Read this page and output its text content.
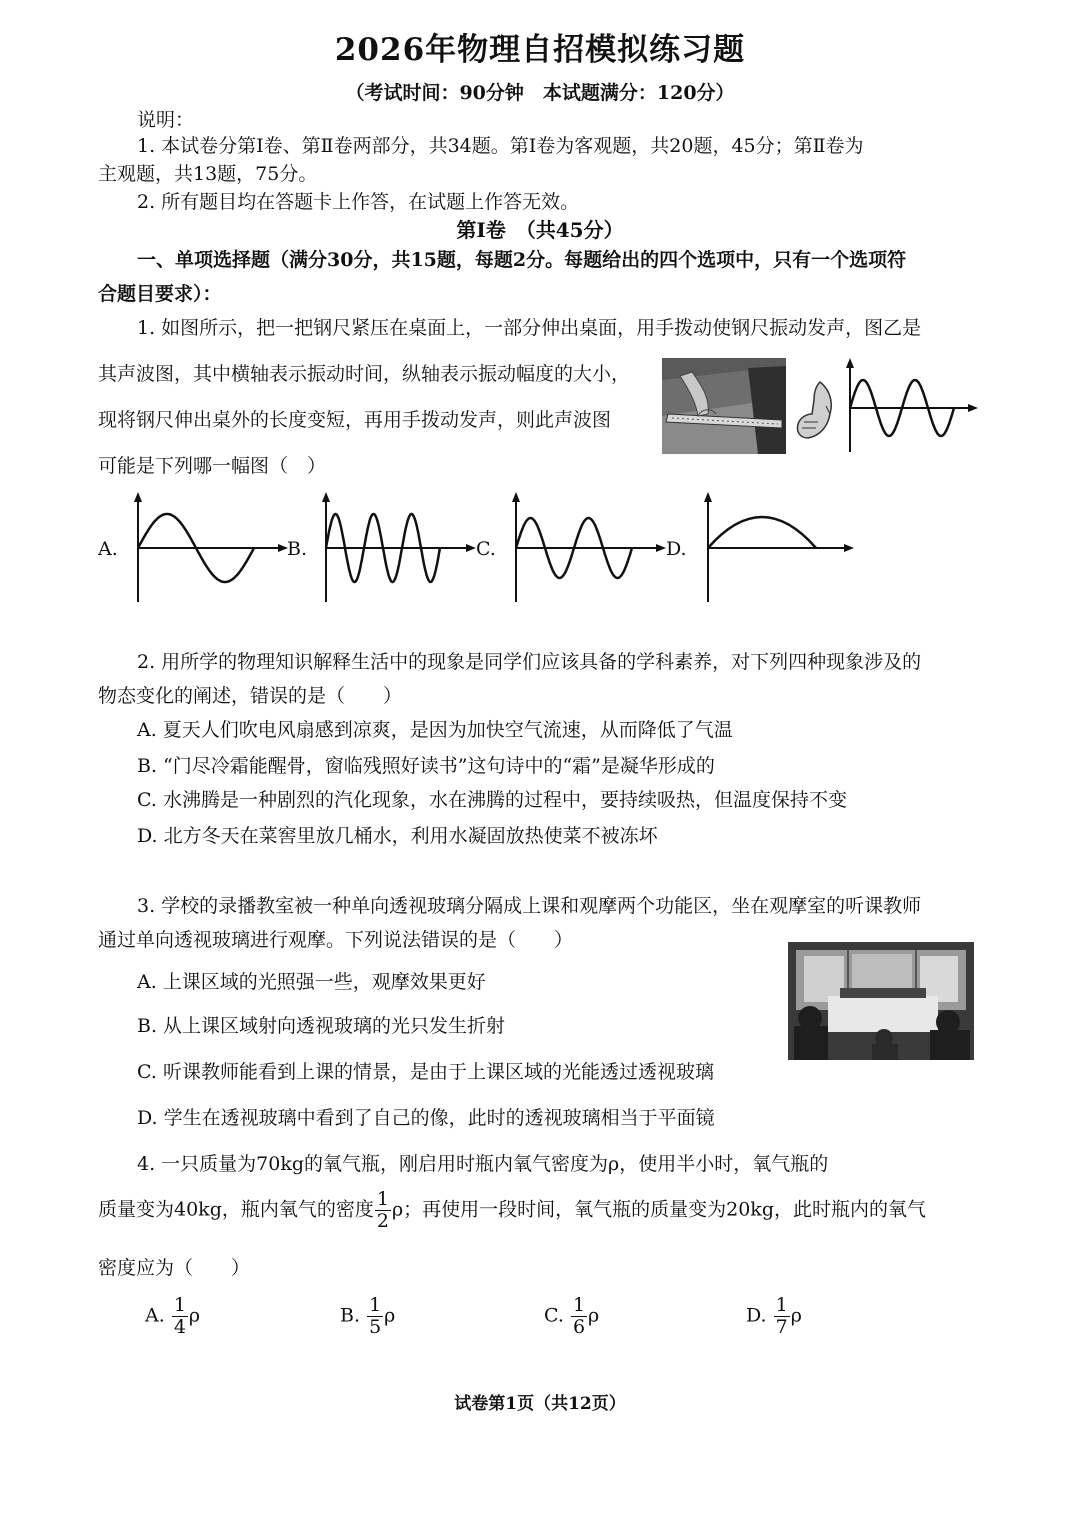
2026年物理自招模拟练习题
（考试时间：90分钟　本试题满分：120分）
说明：
1. 本试卷分第Ⅰ卷、第Ⅱ卷两部分，共34题。第Ⅰ卷为客观题，共20题，45分；第Ⅱ卷为
主观题，共13题，75分。
2. 所有题目均在答题卡上作答，在试题上作答无效。
第Ⅰ卷　（共45分）
一、单项选择题（满分30分，共15题，每题2分。每题给出的四个选项中，只有一个选项符
合题目要求）：
1. 如图所示，把一把钢尺紧压在桌面上，一部分伸出桌面，用手拨动使钢尺振动发声，图乙是
其声波图，其中横轴表示振动时间，纵轴表示振动幅度的大小，
现将钢尺伸出桌外的长度变短，再用手拨动发声，则此声波图
可能是下列哪一幅图（　）
A.	B.	C.	D.
2. 用所学的物理知识解释生活中的现象是同学们应该具备的学科素养，对下列四种现象涉及的
物态变化的阐述，错误的是（　　）
A. 夏天人们吹电风扇感到凉爽，是因为加快空气流速，从而降低了气温
B. “门尽冷霜能醒骨，窗临残照好读书”这句诗中的“霜”是凝华形成的
C. 水沸腾是一种剧烈的汽化现象，水在沸腾的过程中，要持续吸热，但温度保持不变
D. 北方冬天在菜窖里放几桶水，利用水凝固放热使菜不被冻坏
3. 学校的录播教室被一种单向透视玻璃分隔成上课和观摩两个功能区，坐在观摩室的听课教师
通过单向透视玻璃进行观摩。下列说法错误的是（　　）
A. 上课区域的光照强一些，观摩效果更好
B. 从上课区域射向透视玻璃的光只发生折射
C. 听课教师能看到上课的情景，是由于上课区域的光能透过透视玻璃
D. 学生在透视玻璃中看到了自己的像，此时的透视玻璃相当于平面镜
4. 一只质量为70kg的氧气瓶，刚启用时瓶内氧气密度为ρ，使用半小时，氧气瓶的
质量变为40kg，瓶内氧气的密度 $\frac{1}{2}$ ρ；再使用一段时间，氧气瓶的质量变为20kg，此时瓶内的氧气
密度应为（　　）
A. $\frac{1}{4}$ ρ	B. $\frac{1}{5}$ ρ	C. $\frac{1}{6}$ ρ	D. $\frac{1}{7}$ ρ
试卷第1页（共12页）
